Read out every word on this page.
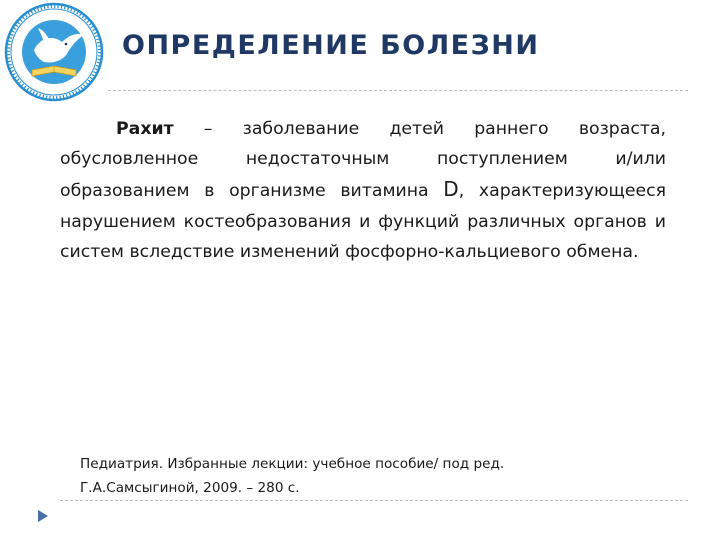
ОПРЕДЕЛЕНИЕ БОЛЕЗНИ

Рахит – заболевание детей раннего возраста, обусловленное недостаточным поступлением и/или образованием в организме витамина D, характеризующееся нарушением костеобразования и функций различных органов и систем вследствие изменений фосфорно-кальциевого обмена.

Педиатрия. Избранные лекции: учебное пособие/ под ред.
Г.А.Самсыгиной, 2009. – 280 с.
